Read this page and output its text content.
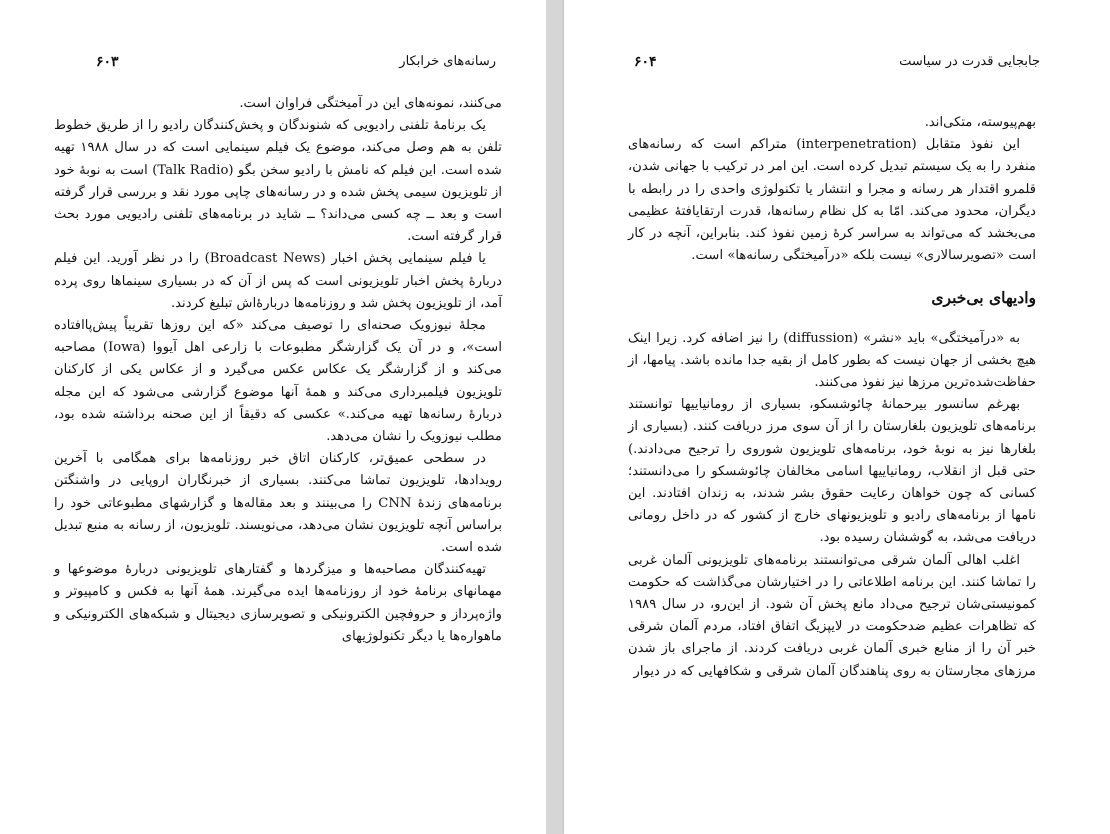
۶۰۳	رسانه‌های خرابکار

می‌کنند، نمونه‌های این در آمیختگی فراوان است.

یک برنامهٔ تلفنی رادیویی که شنوندگان و پخش‌کنندگان رادیو را از طریق خطوط تلفن به هم وصل می‌کند، موضوع یک فیلم سینمایی است که در سال ۱۹۸۸ تهیه شده است. این فیلم که نامش با رادیو سخن بگو (Talk Radio) است به نوبهٔ خود از تلویزیون سیمی پخش شده و در رسانه‌های چاپی مورد نقد و بررسی قرار گرفته است و بعد ــ چه کسی می‌داند؟ ــ شاید در برنامه‌های تلفنی رادیویی مورد بحث قرار گرفته است.

یا فیلم سینمایی پخش اخبار (Broadcast News) را در نظر آورید. این فیلم دربارهٔ پخش اخبار تلویزیونی است که پس از آن که در بسیاری سینماها روی پرده آمد، از تلویزیون پخش شد و روزنامه‌ها دربارهٔ‌اش تبلیغ کردند.

مجلهٔ نیوزویک صحنه‌ای را توصیف می‌کند «که این روزها تقریباً پیش‌پاافتاده است»، و در آن یک گزارشگر مطبوعات با زارعی اهل آیووا (Iowa) مصاحبه می‌کند و از گزارشگر یک عکاس عکس می‌گیرد و از عکاس یکی از کارکنان تلویزیون فیلمبرداری می‌کند و همهٔ آنها موضوع گزارشی می‌شود که این مجله دربارهٔ رسانه‌ها تهیه می‌کند.» عکسی که دقیقاً از این صحنه برداشته شده بود، مطلب نیوزویک را نشان می‌دهد.

در سطحی عمیق‌تر، کارکنان اتاق خبر روزنامه‌ها برای همگامی با آخرین رویدادها، تلویزیون تماشا می‌کنند. بسیاری از خبرنگاران اروپایی در واشنگتن برنامه‌های زندهٔ CNN را می‌بینند و بعد مقاله‌ها و گزارشهای مطبوعاتی خود را براساس آنچه تلویزیون نشان می‌دهد، می‌نویسند. تلویزیون، از رسانه به منبع تبدیل شده است.

تهیه‌کنندگان مصاحبه‌ها و میزگردها و گفتارهای تلویزیونی دربارهٔ موضوعها و مهمانهای برنامهٔ خود از روزنامه‌ها ایده می‌گیرند. همهٔ آنها به فکس و کامپیوتر و واژه‌پرداز و حروفچین الکترونیکی و تصویرسازی دیجیتال و شبکه‌های الکترونیکی و ماهواره‌ها یا دیگر تکنولوژیهای

۶۰۴	جابجایی قدرت در سیاست

بهم‌پیوسته، متکی‌اند.

این نفوذ متقابل (interpenetration) متراکم است که رسانه‌های منفرد را به یک سیستم تبدیل کرده است. این امر در ترکیب با جهانی شدن، قلمرو اقتدار هر رسانه و مجرا و انتشار یا تکنولوژی واحدی را در رابطه با دیگران، محدود می‌کند. امّا به کل نظام رسانه‌ها، قدرت ارتقایافتهٔ عظیمی می‌بخشد که می‌تواند به سراسر کرهٔ زمین نفوذ کند. بنابراین، آنچه در کار است «تصویرسالاری» نیست بلکه «درآمیختگی رسانه‌ها» است.

وادیهای بی‌خبری

به «درآمیختگی» باید «نشر» (diffussion) را نیز اضافه کرد. زیرا اینک هیچ بخشی از جهان نیست که بطور کامل از بقیه جدا مانده باشد. پیامها، از حفاظت‌شده‌ترین مرزها نیز نفوذ می‌کنند.

بهرغم سانسور بیرحمانهٔ چائوشسکو، بسیاری از رومانیاییها توانستند برنامه‌های تلویزیون بلغارستان را از آن سوی مرز دریافت کنند. (بسیاری از بلغارها نیز به نوبهٔ خود، برنامه‌های تلویزیون شوروی را ترجیح می‌دادند.) حتی قبل از انقلاب، رومانیاییها اسامی مخالفان چائوشسکو را می‌دانستند؛ کسانی که چون خواهان رعایت حقوق بشر شدند، به زندان افتادند. این نامها از برنامه‌های رادیو و تلویزیونهای خارج از کشور که در داخل رومانی دریافت می‌شد، به گوششان رسیده بود.

اغلب اهالی آلمان شرقی می‌توانستند برنامه‌های تلویزیونی آلمان غربی را تماشا کنند. این برنامه اطلاعاتی را در اختیارشان می‌گذاشت که حکومت کمونیستی‌شان ترجیح می‌داد مانع پخش آن شود. از این‌رو، در سال ۱۹۸۹ که تظاهرات عظیم ضدحکومت در لایپزیگ اتفاق افتاد، مردم آلمان شرقی خبر آن را از منابع خبری آلمان غربی دریافت کردند. از ماجرای باز شدن مرزهای مجارستان به روی پناهندگان آلمان شرقی و شکافهایی که در دیوار
